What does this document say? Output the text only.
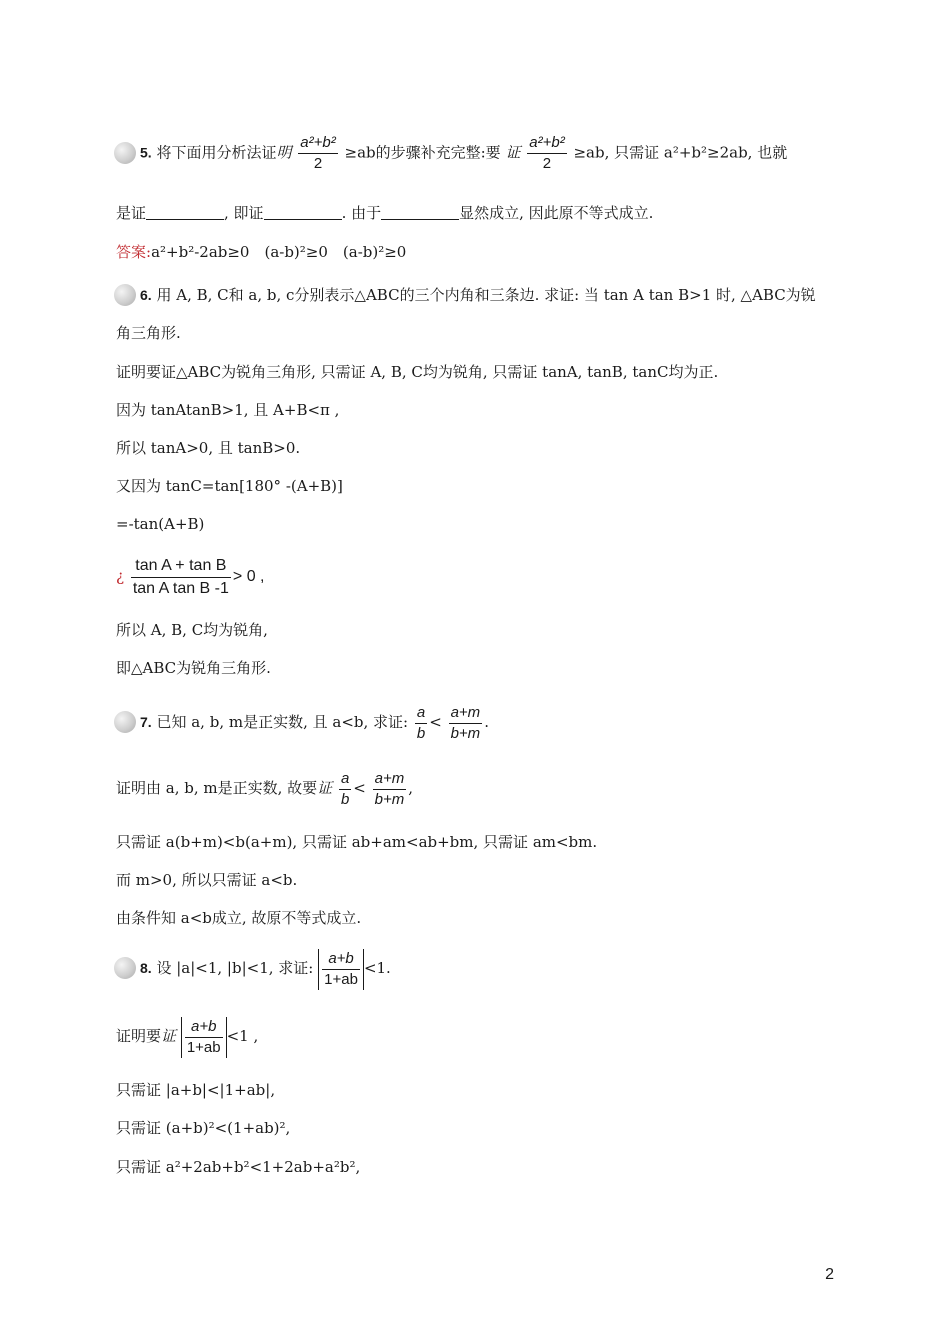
5. 将下面用分析法证明 $\frac{\text{a²+b²}}{2} \ge ab$的步骤补充完整:要 证 $\frac{\text{a²+b²}}{2} \ge ab$, 只需证 a²+b²≥2ab, 也就
是证	, 即证	. 由于	显然成立, 因此原不等式成立.
答案:a²+b²-2ab≥0　(a-b)²≥0　(a-b)²≥0
6. 用 A, B, C和 a, b, c分别表示△ABC的三个内角和三条边. 求证: 当 tan A tan B>1 时, △ABC为锐
角三角形.
证明要证△ABC为锐角三角形, 只需证 A, B, C均为锐角, 只需证 tanA, tanB, tanC均为正.
因为 tanAtanB>1, 且 A+B<π ,
所以 tanA>0, 且 tanB>0.
又因为 tanC=tan[180° -(A+B)]
=-tan(A+B)
¿ $\frac{\text{tan A + tan B}}{\text{tan A tan B -1}} > 0$ ,
所以 A, B, C均为锐角,
即△ABC为锐角三角形.
7. 已知 a, b, m是正实数, 且 a<b, 求证: $\frac{a}{b} < \frac{a+m}{b+m}$ .
证明由 a, b, m是正实数, 故要证 $\frac{a}{b} < \frac{a+m}{b+m}$ ,
只需证 a(b+m)<b(a+m), 只需证 ab+am<ab+bm, 只需证 am<bm.
而 m>0, 所以只需证 a<b.
由条件知 a<b成立, 故原不等式成立.
8. 设 |a|<1, |b|<1, 求证: $\frac{a+b}{1+ab} <1$.
证明要证 $\frac{a+b}{1+ab} <1$ ,
只需证 |a+b|<|1+ab|,
只需证 (a+b)²<(1+ab)²,
只需证 a²+2ab+b²<1+2ab+a²b²,
2
